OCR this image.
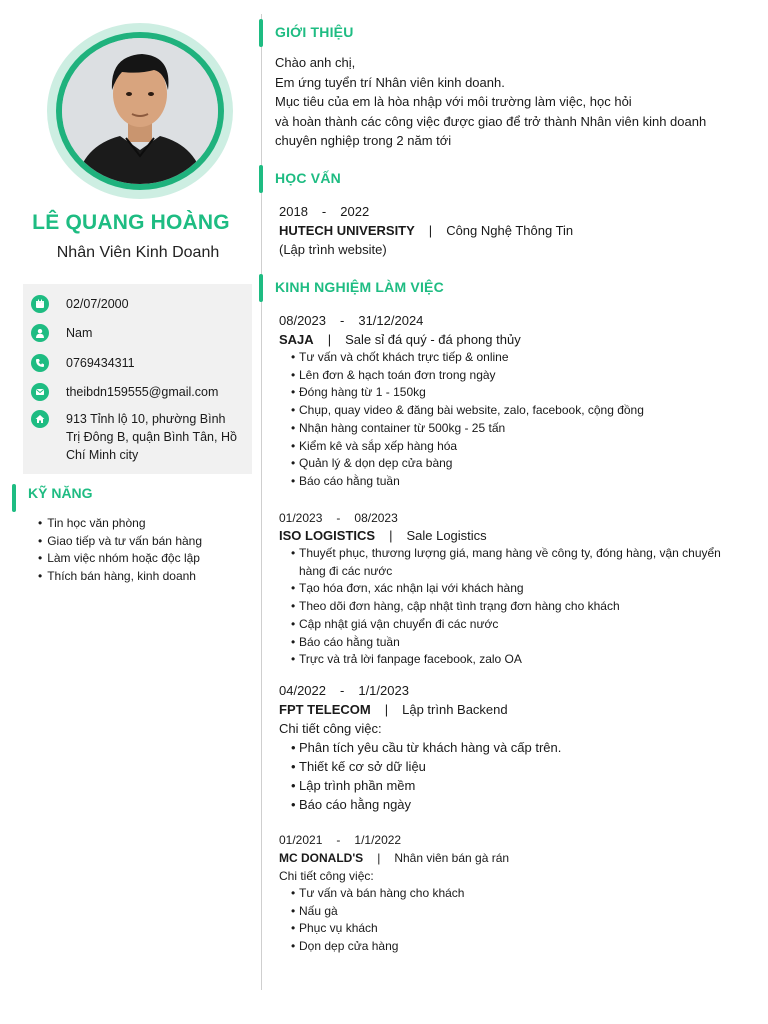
LÊ QUANG HOÀNG
Nhân Viên Kinh Doanh
02/07/2000
Nam
0769434311
theibdn159555@gmail.com
913 Tỉnh lộ 10, phường Bình
Trị Đông B, quận Bình Tân, Hồ
Chí Minh city
KỸ NĂNG
• Tin học văn phòng
• Giao tiếp và tư vấn bán hàng
• Làm việc nhóm hoặc độc lập
• Thích bán hàng, kinh doanh
GIỚI THIỆU
Chào anh chị,
Em ứng tuyển trí Nhân viên kinh doanh.
Mục tiêu của em là hòa nhập với môi trường làm việc, học hỏi
và hoàn thành các công việc được giao để trở thành Nhân viên kinh doanh
chuyên nghiệp trong 2 năm tới
HỌC VẤN
2018 - 2022
HUTECH UNIVERSITY | Công Nghệ Thông Tin
(Lập trình website)
KINH NGHIỆM LÀM VIỆC
08/2023 - 31/12/2024
SAJA | Sale sỉ đá quý - đá phong thủy
• Tư vấn và chốt khách trực tiếp & online
• Lên đơn & hạch toán đơn trong ngày
• Đóng hàng từ 1 - 150kg
• Chụp, quay video & đăng bài website, zalo, facebook, cộng đồng
• Nhận hàng container từ 500kg - 25 tấn
• Kiểm kê và sắp xếp hàng hóa
• Quản lý & dọn dẹp cửa bàng
• Báo cáo hằng tuần
01/2023 - 08/2023
ISO LOGISTICS | Sale Logistics
• Thuyết phục, thương lượng giá, mang hàng về công ty, đóng hàng, vận chuyển
hàng đi các nước
• Tạo hóa đơn, xác nhận lại với khách hàng
• Theo dõi đơn hàng, cập nhật tình trạng đơn hàng cho khách
• Cập nhật giá vận chuyển đi các nước
• Báo cáo hằng tuần
• Trực và trả lời fanpage facebook, zalo OA
04/2022 - 1/1/2023
FPT TELECOM | Lập trình Backend
Chi tiết công việc:
• Phân tích yêu cầu từ khách hàng và cấp trên.
• Thiết kế cơ sở dữ liệu
• Lập trình phần mềm
• Báo cáo hằng ngày
01/2021 - 1/1/2022
MC DONALD'S | Nhân viên bán gà rán
Chi tiết công việc:
• Tư vấn và bán hàng cho khách
• Nấu gà
• Phục vụ khách
• Dọn dẹp cửa hàng
